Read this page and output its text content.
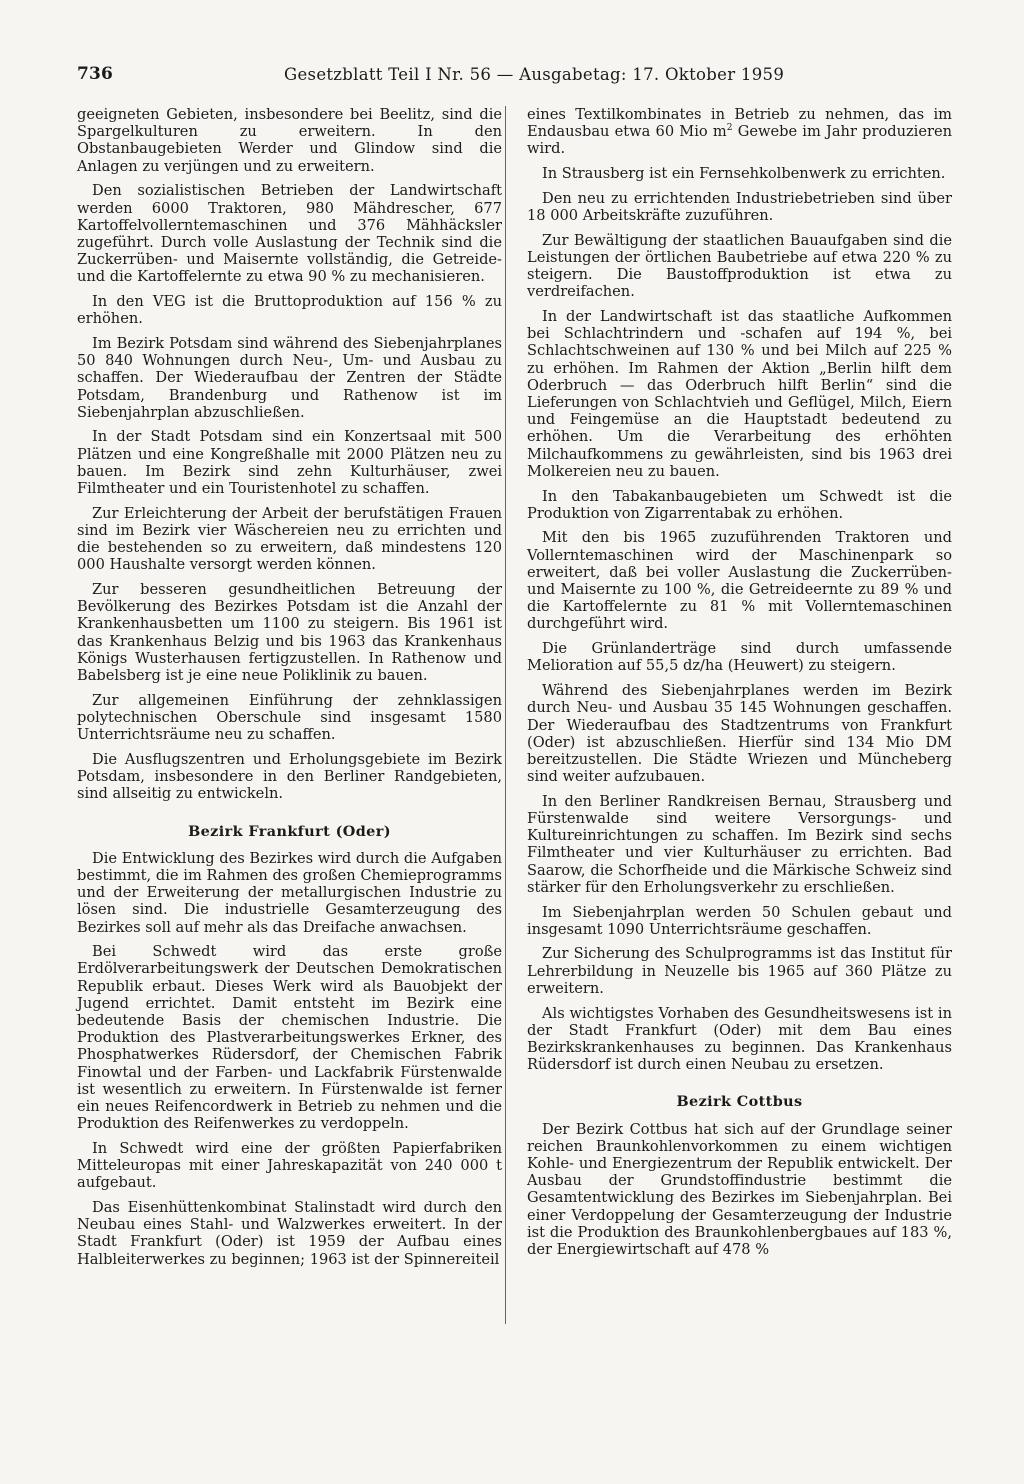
736	Gesetzblatt Teil I Nr. 56 — Ausgabetag: 17. Oktober 1959

geeigneten Gebieten, insbesondere bei Beelitz, sind die Spargelkulturen zu erweitern. In den Obstanbaugebieten Werder und Glindow sind die Anlagen zu verjüngen und zu erweitern.

Den sozialistischen Betrieben der Landwirtschaft werden 6000 Traktoren, 980 Mähdrescher, 677 Kartoffelvollerntemaschinen und 376 Mähhäcksler zugeführt. Durch volle Auslastung der Technik sind die Zuckerrüben- und Maisernte vollständig, die Getreide- und die Kartoffelernte zu etwa 90 % zu mechanisieren.

In den VEG ist die Bruttoproduktion auf 156 % zu erhöhen.

Im Bezirk Potsdam sind während des Siebenjahrplanes 50 840 Wohnungen durch Neu-, Um- und Ausbau zu schaffen. Der Wiederaufbau der Zentren der Städte Potsdam, Brandenburg und Rathenow ist im Siebenjahrplan abzuschließen.

In der Stadt Potsdam sind ein Konzertsaal mit 500 Plätzen und eine Kongreßhalle mit 2000 Plätzen neu zu bauen. Im Bezirk sind zehn Kulturhäuser, zwei Filmtheater und ein Touristenhotel zu schaffen.

Zur Erleichterung der Arbeit der berufstätigen Frauen sind im Bezirk vier Wäschereien neu zu errichten und die bestehenden so zu erweitern, daß mindestens 120 000 Haushalte versorgt werden können.

Zur besseren gesundheitlichen Betreuung der Bevölkerung des Bezirkes Potsdam ist die Anzahl der Krankenhausbetten um 1100 zu steigern. Bis 1961 ist das Krankenhaus Belzig und bis 1963 das Krankenhaus Königs Wusterhausen fertigzustellen. In Rathenow und Babelsberg ist je eine neue Poliklinik zu bauen.

Zur allgemeinen Einführung der zehnklassigen polytechnischen Oberschule sind insgesamt 1580 Unterrichtsräume neu zu schaffen.

Die Ausflugszentren und Erholungsgebiete im Bezirk Potsdam, insbesondere in den Berliner Randgebieten, sind allseitig zu entwickeln.

Bezirk Frankfurt (Oder)

Die Entwicklung des Bezirkes wird durch die Aufgaben bestimmt, die im Rahmen des großen Chemieprogramms und der Erweiterung der metallurgischen Industrie zu lösen sind. Die industrielle Gesamterzeugung des Bezirkes soll auf mehr als das Dreifache anwachsen.

Bei Schwedt wird das erste große Erdölverarbeitungswerk der Deutschen Demokratischen Republik erbaut. Dieses Werk wird als Bauobjekt der Jugend errichtet. Damit entsteht im Bezirk eine bedeutende Basis der chemischen Industrie. Die Produktion des Plastverarbeitungswerkes Erkner, des Phosphatwerkes Rüdersdorf, der Chemischen Fabrik Finowtal und der Farben- und Lackfabrik Fürstenwalde ist wesentlich zu erweitern. In Fürstenwalde ist ferner ein neues Reifencordwerk in Betrieb zu nehmen und die Produktion des Reifenwerkes zu verdoppeln.

In Schwedt wird eine der größten Papierfabriken Mitteleuropas mit einer Jahreskapazität von 240 000 t aufgebaut.

Das Eisenhüttenkombinat Stalinstadt wird durch den Neubau eines Stahl- und Walzwerkes erweitert. In der Stadt Frankfurt (Oder) ist 1959 der Aufbau eines Halbleiterwerkes zu beginnen; 1963 ist der Spinnereiteil

eines Textilkombinates in Betrieb zu nehmen, das im Endausbau etwa 60 Mio $m^2$ Gewebe im Jahr produzieren wird.

In Strausberg ist ein Fernsehkolbenwerk zu errichten.

Den neu zu errichtenden Industriebetrieben sind über 18 000 Arbeitskräfte zuzuführen.

Zur Bewältigung der staatlichen Bauaufgaben sind die Leistungen der örtlichen Baubetriebe auf etwa 220 % zu steigern. Die Baustoffproduktion ist etwa zu verdreifachen.

In der Landwirtschaft ist das staatliche Aufkommen bei Schlachtrindern und -schafen auf 194 %, bei Schlachtschweinen auf 130 % und bei Milch auf 225 % zu erhöhen. Im Rahmen der Aktion „Berlin hilft dem Oderbruch — das Oderbruch hilft Berlin“ sind die Lieferungen von Schlachtvieh und Geflügel, Milch, Eiern und Feingemüse an die Hauptstadt bedeutend zu erhöhen. Um die Verarbeitung des erhöhten Milchaufkommens zu gewährleisten, sind bis 1963 drei Molkereien neu zu bauen.

In den Tabakanbaugebieten um Schwedt ist die Produktion von Zigarrentabak zu erhöhen.

Mit den bis 1965 zuzuführenden Traktoren und Vollerntemaschinen wird der Maschinenpark so erweitert, daß bei voller Auslastung die Zuckerrüben- und Maisernte zu 100 %, die Getreideernte zu 89 % und die Kartoffelernte zu 81 % mit Vollerntemaschinen durchgeführt wird.

Die Grünlanderträge sind durch umfassende Melioration auf 55,5 dz/ha (Heuwert) zu steigern.

Während des Siebenjahrplanes werden im Bezirk durch Neu- und Ausbau 35 145 Wohnungen geschaffen. Der Wiederaufbau des Stadtzentrums von Frankfurt (Oder) ist abzuschließen. Hierfür sind 134 Mio DM bereitzustellen. Die Städte Wriezen und Müncheberg sind weiter aufzubauen.

In den Berliner Randkreisen Bernau, Strausberg und Fürstenwalde sind weitere Versorgungs- und Kultureinrichtungen zu schaffen. Im Bezirk sind sechs Filmtheater und vier Kulturhäuser zu errichten. Bad Saarow, die Schorfheide und die Märkische Schweiz sind stärker für den Erholungsverkehr zu erschließen.

Im Siebenjahrplan werden 50 Schulen gebaut und insgesamt 1090 Unterrichtsräume geschaffen.

Zur Sicherung des Schulprogramms ist das Institut für Lehrerbildung in Neuzelle bis 1965 auf 360 Plätze zu erweitern.

Als wichtigstes Vorhaben des Gesundheitswesens ist in der Stadt Frankfurt (Oder) mit dem Bau eines Bezirkskrankenhauses zu beginnen. Das Krankenhaus Rüdersdorf ist durch einen Neubau zu ersetzen.

Bezirk Cottbus

Der Bezirk Cottbus hat sich auf der Grundlage seiner reichen Braunkohlenvorkommen zu einem wichtigen Kohle- und Energiezentrum der Republik entwickelt. Der Ausbau der Grundstoffindustrie bestimmt die Gesamtentwicklung des Bezirkes im Siebenjahrplan. Bei einer Verdoppelung der Gesamterzeugung der Industrie ist die Produktion des Braunkohlenbergbaues auf 183 %, der Energiewirtschaft auf 478 %
